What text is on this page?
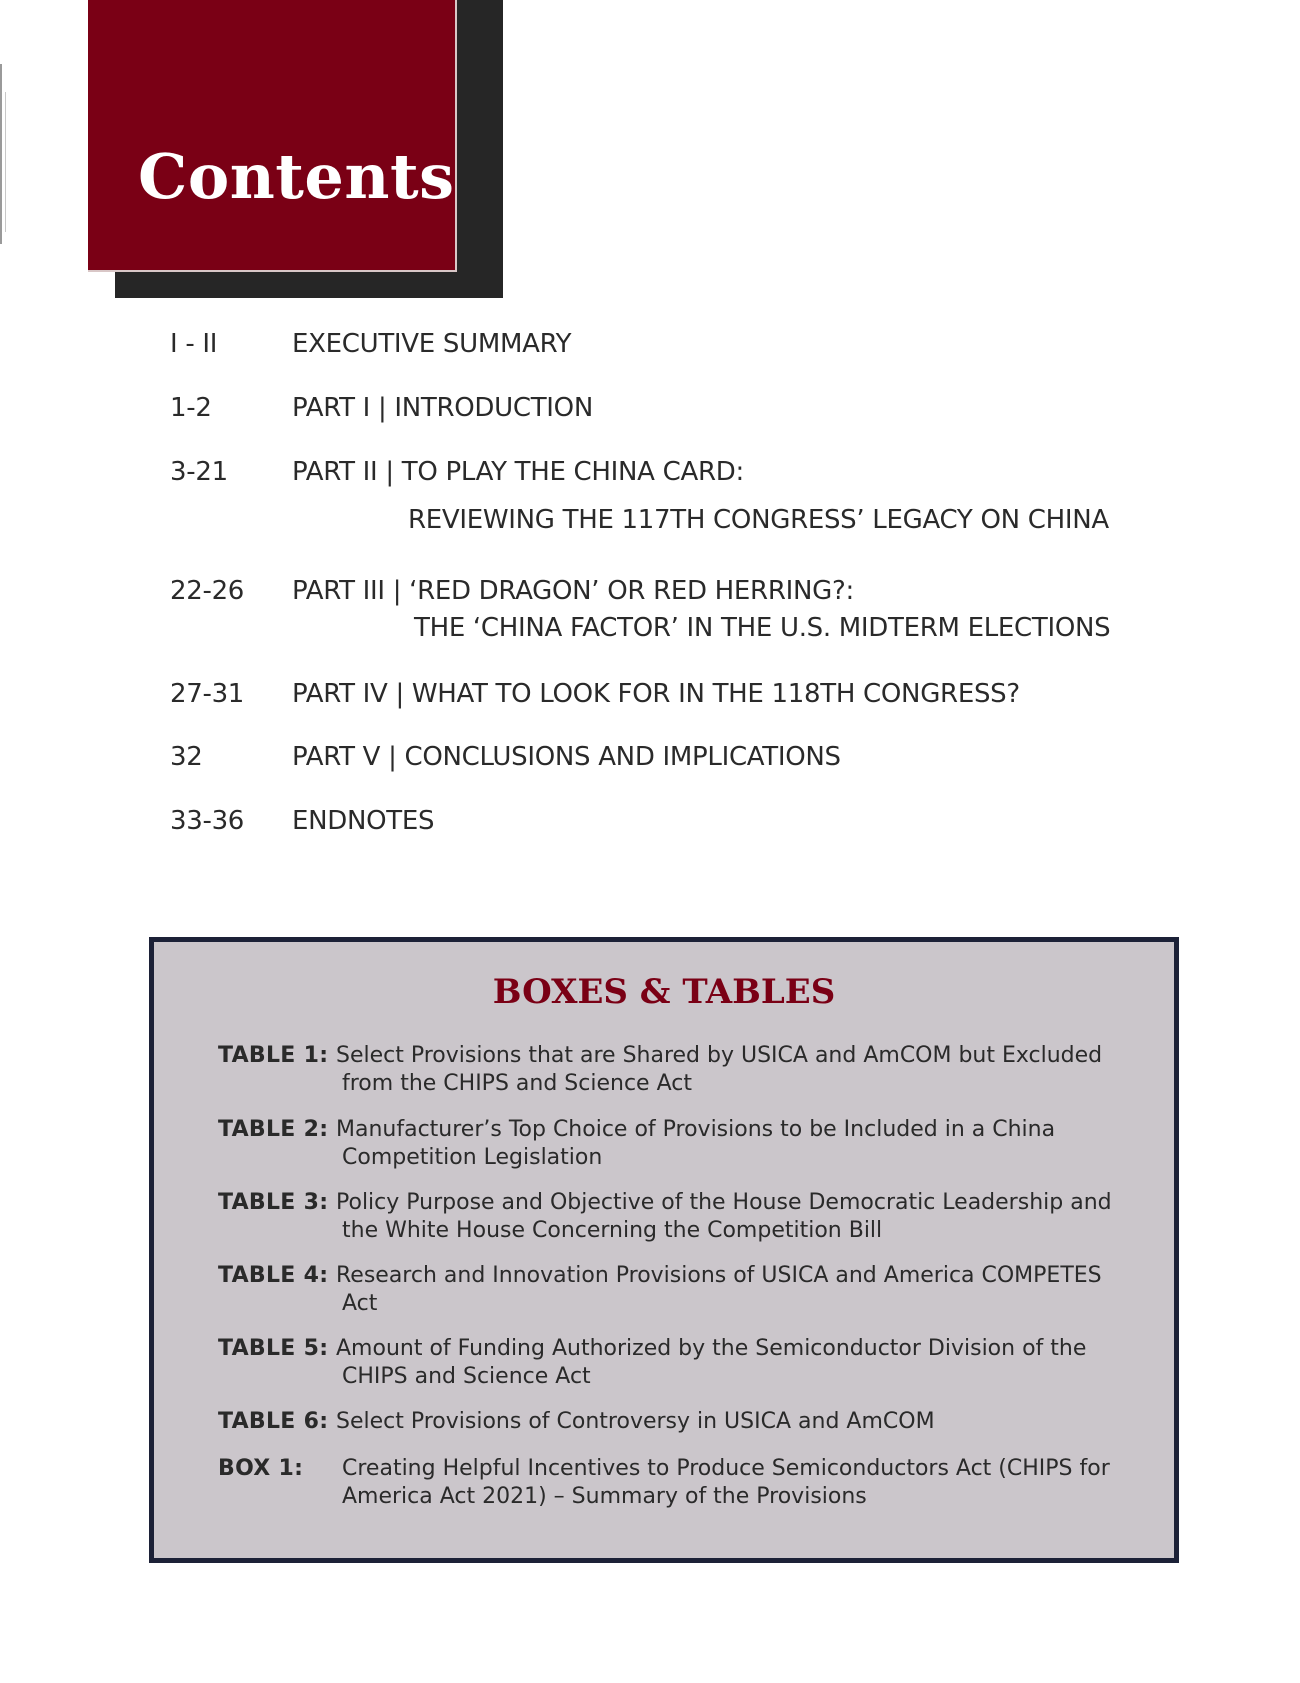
Contents
I - II	EXECUTIVE SUMMARY
1-2	PART I | INTRODUCTION
3-21 PART II | TO PLAY THE CHINA CARD:
REVIEWING THE 117TH CONGRESS’ LEGACY ON CHINA
22-26 PART III | ‘RED DRAGON’ OR RED HERRING?:
THE ‘CHINA FACTOR’ IN THE U.S. MIDTERM ELECTIONS
27-31 PART IV | WHAT TO LOOK FOR IN THE 118TH CONGRESS?
32	PART V | CONCLUSIONS AND IMPLICATIONS
33-36 ENDNOTES
BOXES & TABLES
TABLE 1: Select Provisions that are Shared by USICA and AmCOM but Excluded
from the CHIPS and Science Act
TABLE 2: Manufacturer’s Top Choice of Provisions to be Included in a China
Competition Legislation
TABLE 3: Policy Purpose and Objective of the House Democratic Leadership and
the White House Concerning the Competition Bill
TABLE 4: Research and Innovation Provisions of USICA and America COMPETES
Act
TABLE 5: Amount of Funding Authorized by the Semiconductor Division of the
CHIPS and Science Act
TABLE 6: Select Provisions of Controversy in USICA and AmCOM
BOX 1: Creating Helpful Incentives to Produce Semiconductors Act (CHIPS for
America Act 2021) – Summary of the Provisions
